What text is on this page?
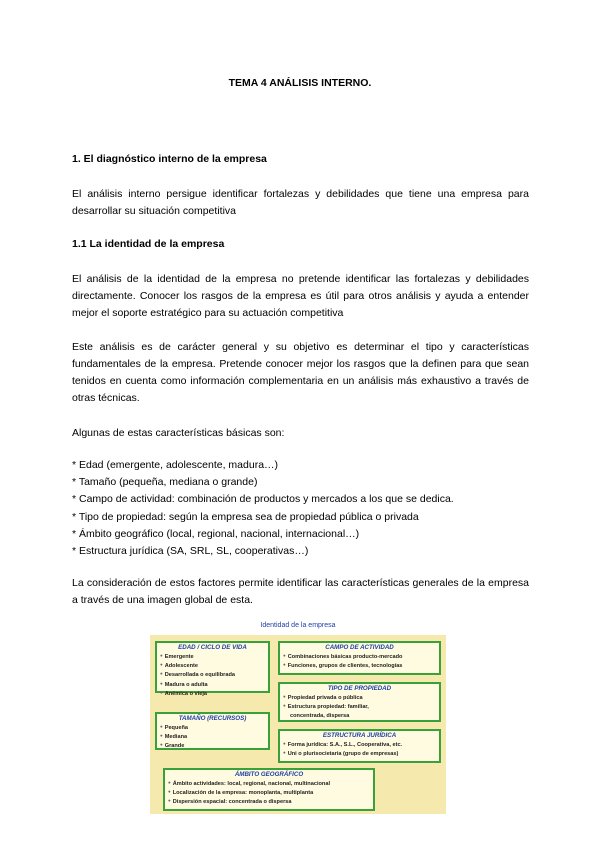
TEMA 4 ANÁLISIS INTERNO.
1. El diagnóstico interno de la empresa
El análisis interno persigue identificar fortalezas y debilidades que tiene una empresa para desarrollar su situación competitiva
1.1 La identidad de la empresa
El análisis de la identidad de la empresa no pretende identificar las fortalezas y debilidades directamente. Conocer los rasgos de la empresa es útil para otros análisis y ayuda a entender mejor el soporte estratégico para su actuación competitiva
Este análisis es de carácter general y su objetivo es determinar el tipo y características fundamentales de la empresa. Pretende conocer mejor los rasgos que la definen para que sean tenidos en cuenta como información complementaria en un análisis más exhaustivo a través de otras técnicas.
Algunas de estas características básicas son:
* Edad (emergente, adolescente, madura…)
* Tamaño (pequeña, mediana o grande)
* Campo de actividad: combinación de productos y mercados a los que se dedica.
* Tipo de propiedad: según la empresa sea de propiedad pública o privada
* Ámbito geográfico (local, regional, nacional, internacional…)
* Estructura jurídica (SA, SRL, SL, cooperativas…)
La consideración de estos factores permite identificar las características generales de la empresa a través de una imagen global de esta.
Identidad de la empresa
EDAD / CICLO DE VIDA
● Emergente
● Adolescente
● Desarrollada o equilibrada
● Madura o adulta
● Anémica o vieja
CAMPO DE ACTIVIDAD
● Combinaciones básicas producto-mercado
● Funciones, grupos de clientes, tecnologías
TIPO DE PROPIEDAD
● Propiedad privada o pública
● Estructura propiedad: familiar,
concentrada, dispersa
TAMAÑO (RECURSOS)
● Pequeña
● Mediana
● Grande
ESTRUCTURA JURÍDICA
● Forma jurídica: S.A., S.L., Cooperativa, etc.
● Uni o plurisocietaria (grupo de empresas)
ÁMBITO GEOGRÁFICO
● Ámbito actividades: local, regional, nacional, multinacional
● Localización de la empresa: monoplanta, multiplanta
● Dispersión espacial: concentrada o dispersa
